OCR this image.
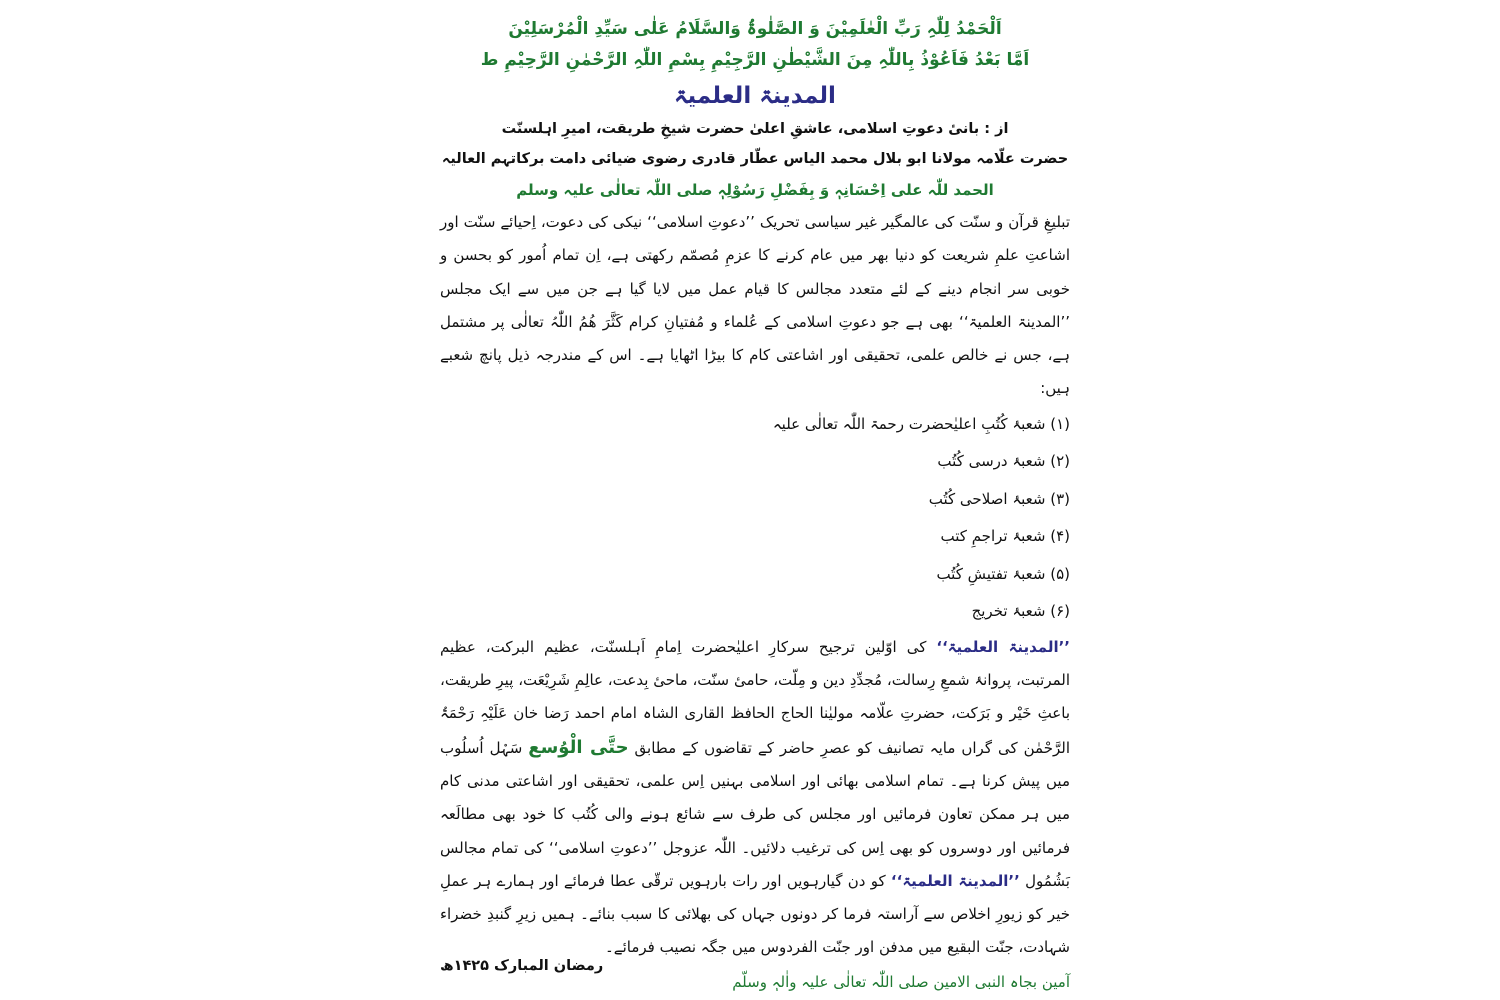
اَلْحَمْدُ لِلّٰہِ رَبِّ الْعٰلَمِیْنَ وَ الصَّلٰوۃُ وَالسَّلَامُ عَلٰی سَیِّدِ الْمُرْسَلِیْنَ
اَمَّا بَعْدُ فَاَعُوْذُ بِاللّٰہِ مِنَ الشَّیْطٰنِ الرَّجِیْمِ بِسْمِ اللّٰہِ الرَّحْمٰنِ الرَّحِیْمِ ط
المدینۃ العلمیۃ
از : بانیٔ دعوتِ اسلامی، عاشقِ اعلیٰ حضرت شیخِ طریقت، امیرِ اہلسنّت
حضرت علّامہ مولانا ابو بلال محمد الیاس عطّار قادری رضوی ضیائی دامت برکاتہم العالیہ
الحمد للّٰہ علی اِحْسَانِہٖ وَ بِفَضْلِ رَسُوْلِہٖ صلی اللّٰہ تعالٰی علیہ وسلم

تبلیغِ قرآن و سنّت کی عالمگیر غیر سیاسی تحریک ’’دعوتِ اسلامی‘‘ نیکی کی دعوت، اِحیائے سنّت اور اشاعتِ علمِ شریعت کو دنیا بھر میں عام کرنے کا عزمِ مُصمّم رکھتی ہے، اِن تمام اُمور کو بحسن و خوبی سر انجام دینے کے لئے متعدد مجالس کا قیام عمل میں لایا گیا ہے جن میں سے ایک مجلس ’’المدینۃ العلمیۃ‘‘ بھی ہے جو دعوتِ اسلامی کے عُلماء و مُفتیانِ کرام کَثَّرَ ھُمُ اللّٰہُ تعالٰی پر مشتمل ہے، جس نے خالص علمی، تحقیقی اور اشاعتی کام کا بیڑا اٹھایا ہے۔ اس کے مندرجہ ذیل پانچ شعبے ہیں:

(۱) شعبۂ کُتُبِ اعلیٰحضرت رحمۃ اللّٰہ تعالٰی علیہ
(۲) شعبۂ درسی کُتُب
(۳) شعبۂ اصلاحی کُتُب
(۴) شعبۂ تراجمِ کتب
(۵) شعبۂ تفتیشِ کُتُب
(۶) شعبۂ تخریج

’’المدینۃ العلمیۃ‘‘ کی اوّلین ترجیح سرکارِ اعلیٰحضرت اِمامِ اَہلسنّت، عظیم البرکت، عظیم المرتبت، پروانۂ شمعِ رِسالت، مُجدِّدِ دین و مِلّت، حامیٔ سنّت، ماحیٔ بِدعت، عالِمِ شَرِیْعَت، پیرِ طریقت، باعثِ خَیْر و بَرَکت، حضرتِ علّامہ مولیٰنا الحاج الحافظ القاری الشاہ امام احمد رَضا خان عَلَیْہِ رَحْمَۃُ الرَّحْمٰن کی گراں مایہ تصانیف کو عصرِ حاضر کے تقاضوں کے مطابق حتَّی الْوُسع سَہْل اُسلُوب میں پیش کرنا ہے۔ تمام اسلامی بھائی اور اسلامی بہنیں اِس علمی، تحقیقی اور اشاعتی مدنی کام میں ہر ممکن تعاون فرمائیں اور مجلس کی طرف سے شائع ہونے والی کُتُب کا خود بھی مطالَعہ فرمائیں اور دوسروں کو بھی اِس کی ترغیب دلائیں۔ اللّٰہ عزوجل ’’دعوتِ اسلامی‘‘ کی تمام مجالس بَشُمُول ’’المدینۃ العلمیۃ‘‘ کو دن گیارہویں اور رات بارہویں ترقّی عطا فرمائے اور ہمارے ہر عملِ خیر کو زیورِ اخلاص سے آراستہ فرما کر دونوں جہاں کی بھلائی کا سبب بنائے۔ ہمیں زیرِ گنبدِ خضراء شہادت، جنّت البقیع میں مدفن اور جنّت الفردوس میں جگہ نصیب فرمائے۔

آمین بجاہ النبی الامین صلی اللّٰہ تعالٰی علیہ واٰلہٖ وسلّم
رمضان المبارک ۱۴۲۵ھ
